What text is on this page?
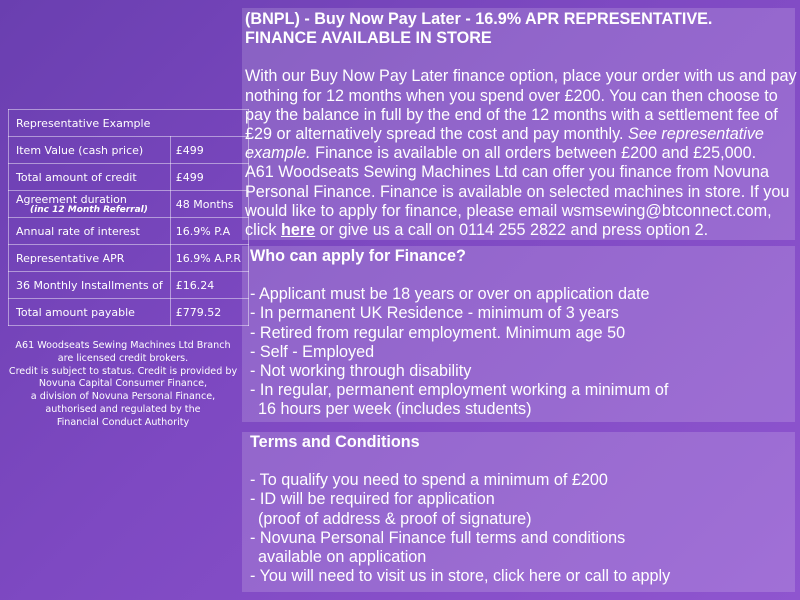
Representative Example	
Item Value (cash price)	£499
Total amount of credit	£499
Agreement duration
(inc 12 Month Referral)	48 Months
Annual rate of interest	16.9% P.A
Representative APR	16.9% A.P.R
36 Monthly Installments of	£16.24
Total amount payable	£779.52
A61 Woodseats Sewing Machines Ltd Branch
are licensed credit brokers.
Credit is subject to status. Credit is provided by
Novuna Capital Consumer Finance,
a division of Novuna Personal Finance,
authorised and regulated by the
Financial Conduct Authority
(BNPL) - Buy Now Pay Later - 16.9% APR REPRESENTATIVE.
FINANCE AVAILABLE IN STORE
With our Buy Now Pay Later finance option, place your order with us and pay
nothing for 12 months when you spend over £200. You can then choose to
pay the balance in full by the end of the 12 months with a settlement fee of
£29 or alternatively spread the cost and pay monthly. See representative
example. Finance is available on all orders between £200 and £25,000.
A61 Woodseats Sewing Machines Ltd can offer you finance from Novuna
Personal Finance. Finance is available on selected machines in store. If you
would like to apply for finance, please email wsmsewing@btconnect.com,
click here or give us a call on 0114 255 2822 and press option 2.
Who can apply for Finance?
- Applicant must be 18 years or over on application date
- In permanent UK Residence - minimum of 3 years
- Retired from regular employment. Minimum age 50
- Self - Employed
- Not working through disability
- In regular, permanent employment working a minimum of
16 hours per week (includes students)
Terms and Conditions
- To qualify you need to spend a minimum of £200
- ID will be required for application
(proof of address & proof of signature)
- Novuna Personal Finance full terms and conditions
available on application
- You will need to visit us in store, click here or call to apply
